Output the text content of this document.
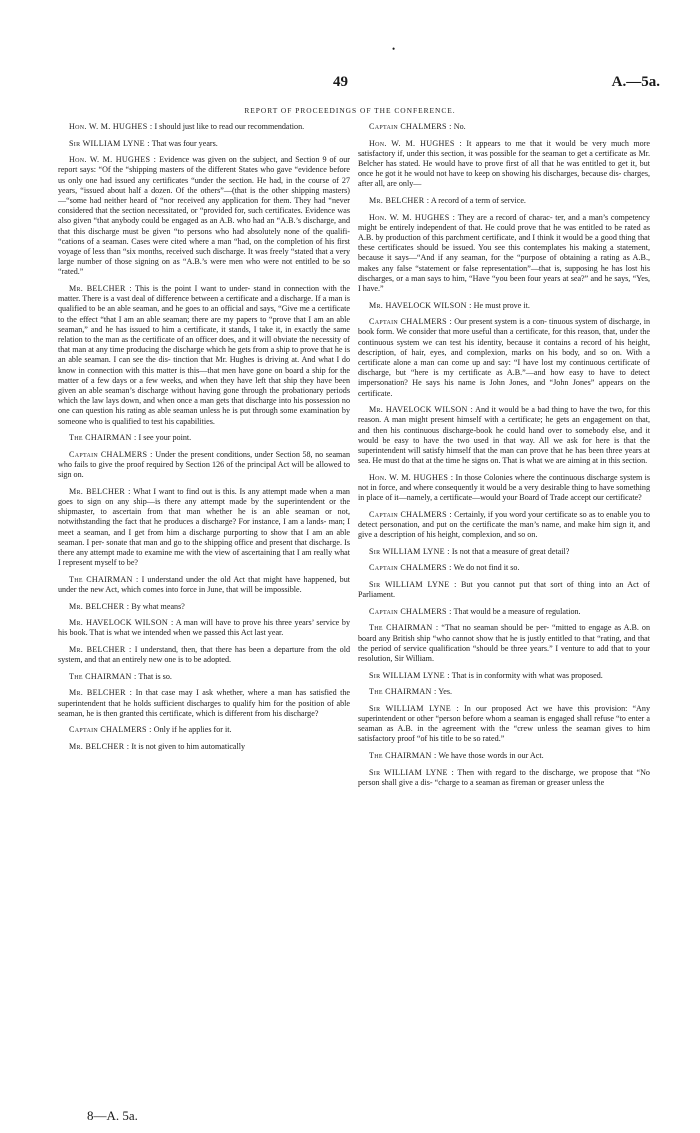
•
49	A.—5a.
REPORT OF PROCEEDINGS OF THE CONFERENCE.

Hon. W. M. HUGHES : I should just like to read our recommendation.

Sir WILLIAM LYNE : That was four years.

Hon. W. M. HUGHES : Evidence was given on the subject, and Section 9 of our report says: “Of the “shipping masters of the different States who gave “evidence before us only one had issued any certificates “under the section. He had, in the course of 27 years, “issued about half a dozen. Of the others”—(that is the other shipping masters)—“some had neither heard of “nor received any application for them. They had “never considered that the section necessitated, or “provided for, such certificates. Evidence was also given “that anybody could be engaged as an A.B. who had an “A.B.’s discharge, and that this discharge must be given “to persons who had absolutely none of the qualifi- “cations of a seaman. Cases were cited where a man “had, on the completion of his first voyage of less than “six months, received such discharge. It was freely “stated that a very large number of those signing on as “A.B.’s were men who were not entitled to be so “rated.”

Mr. BELCHER : This is the point I want to under- stand in connection with the matter. There is a vast deal of difference between a certificate and a discharge. If a man is qualified to be an able seaman, and he goes to an official and says, “Give me a certificate to the effect “that I am an able seaman; there are my papers to “prove that I am an able seaman,” and he has issued to him a certificate, it stands, I take it, in exactly the same relation to the man as the certificate of an officer does, and it will obviate the necessity of that man at any time producing the discharge which he gets from a ship to prove that he is an able seaman. I can see the dis- tinction that Mr. Hughes is driving at. And what I do know in connection with this matter is this—that men have gone on board a ship for the matter of a few days or a few weeks, and when they have left that ship they have been given an able seaman’s discharge without having gone through the probationary periods which the law lays down, and when once a man gets that discharge into his possession no one can question his rating as able seaman unless he is put through some examination by someone who is qualified to test his capabilities.

The CHAIRMAN : I see your point.

Captain CHALMERS : Under the present conditions, under Section 58, no seaman who fails to give the proof required by Section 126 of the principal Act will be allowed to sign on.

Mr. BELCHER : What I want to find out is this. Is any attempt made when a man goes to sign on any ship—is there any attempt made by the superintendent or the shipmaster, to ascertain from that man whether he is an able seaman or not, notwithstanding the fact that he produces a discharge? For instance, I am a lands- man; I meet a seaman, and I get from him a discharge purporting to show that I am an able seaman. I per- sonate that man and go to the shipping office and present that discharge. Is there any attempt made to examine me with the view of ascertaining that I am really what I represent myself to be?

The CHAIRMAN : I understand under the old Act that might have happened, but under the new Act, which comes into force in June, that will be impossible.

Mr. BELCHER : By what means?

Mr. HAVELOCK WILSON : A man will have to prove his three years’ service by his book. That is what we intended when we passed this Act last year.

Mr. BELCHER : I understand, then, that there has been a departure from the old system, and that an entirely new one is to be adopted.

The CHAIRMAN : That is so.

Mr. BELCHER : In that case may I ask whether, where a man has satisfied the superintendent that he holds sufficient discharges to qualify him for the position of able seaman, he is then granted this certificate, which is different from his discharge?

Captain CHALMERS : Only if he applies for it.

Mr. BELCHER : It is not given to him automatically

Captain CHALMERS : No.

Hon. W. M. HUGHES : It appears to me that it would be very much more satisfactory if, under this section, it was possible for the seaman to get a certificate as Mr. Belcher has stated. He would have to prove first of all that he was entitled to get it, but once he got it he would not have to keep on showing his discharges, because dis- charges, after all, are only—

Mr. BELCHER : A record of a term of service.

Hon. W. M. HUGHES : They are a record of charac- ter, and a man’s competency might be entirely independent of that. He could prove that he was entitled to be rated as A.B. by production of this parchment certificate, and I think it would be a good thing that these certificates should be issued. You see this contemplates his making a statement, because it says—“And if any seaman, for the “purpose of obtaining a rating as A.B., makes any false “statement or false representation”—that is, supposing he has lost his discharges, or a man says to him, “Have “you been four years at sea?” and he says, “Yes, I have.”

Mr. HAVELOCK WILSON : He must prove it.

Captain CHALMERS : Our present system is a con- tinuous system of discharge, in book form. We consider that more useful than a certificate, for this reason, that, under the continuous system we can test his identity, because it contains a record of his height, description, of hair, eyes, and complexion, marks on his body, and so on. With a certificate alone a man can come up and say: “I have lost my continuous certificate of discharge, but “here is my certificate as A.B.”—and how easy to have to detect impersonation? He says his name is John Jones, and “John Jones” appears on the certificate.

Mr. HAVELOCK WILSON : And it would be a bad thing to have the two, for this reason. A man might present himself with a certificate; he gets an engagement on that, and then his continuous discharge-book he could hand over to somebody else, and it would be easy to have the two used in that way. All we ask for here is that the superintendent will satisfy himself that the man can prove that he has been three years at sea. He must do that at the time he signs on. That is what we are aiming at in this section.

Hon. W. M. HUGHES : In those Colonies where the continuous discharge system is not in force, and where consequently it would be a very desirable thing to have something in place of it—namely, a certificate—would your Board of Trade accept our certificate?

Captain CHALMERS : Certainly, if you word your certificate so as to enable you to detect personation, and put on the certificate the man’s name, and make him sign it, and give a description of his height, complexion, and so on.

Sir WILLIAM LYNE : Is not that a measure of great detail?

Captain CHALMERS : We do not find it so.

Sir WILLIAM LYNE : But you cannot put that sort of thing into an Act of Parliament.

Captain CHALMERS : That would be a measure of regulation.

The CHAIRMAN : “That no seaman should be per- “mitted to engage as A.B. on board any British ship “who cannot show that he is justly entitled to that “rating, and that the period of service qualification “should be three years.” I venture to add that to your resolution, Sir William.

Sir WILLIAM LYNE : That is in conformity with what was proposed.

The CHAIRMAN : Yes.

Sir WILLIAM LYNE : In our proposed Act we have this provision: “Any superintendent or other “person before whom a seaman is engaged shall refuse “to enter a seaman as A.B. in the agreement with the “crew unless the seaman gives to him satisfactory proof “of his title to be so rated.”

The CHAIRMAN : We have those words in our Act.

Sir WILLIAM LYNE : Then with regard to the discharge, we propose that “No person shall give a dis- “charge to a seaman as fireman or greaser unless the

8—A. 5a.
